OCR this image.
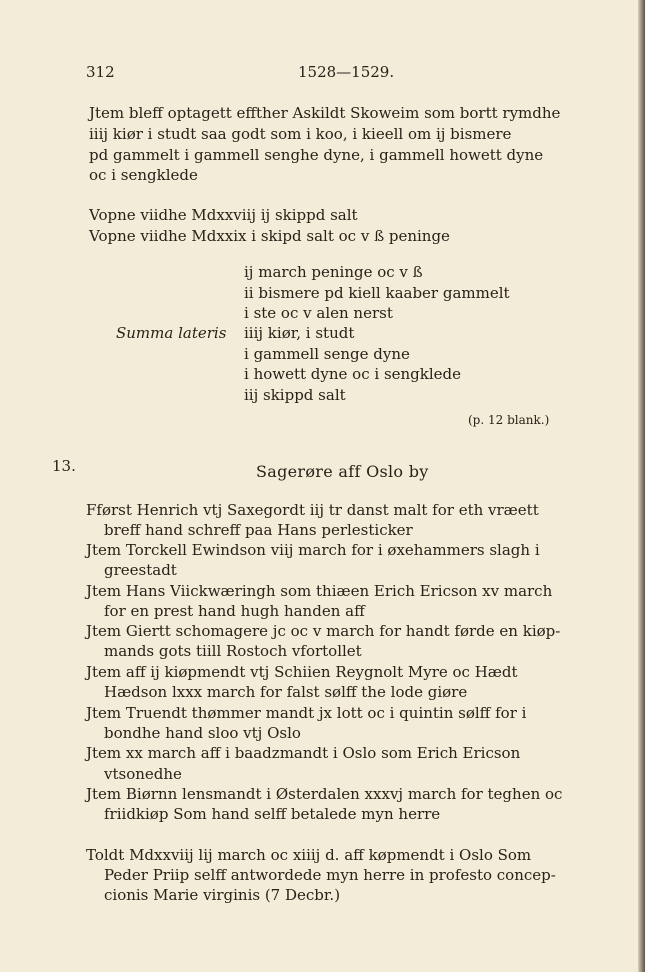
312	1528—1529.
Jtem bleff optagett effther Askildt Skoweim som bortt rymdhe
iiij kiør i studt saa godt som i koo, i kieell om ij bismere
pd gammelt i gammell senghe dyne, i gammell howett dyne
oc i sengklede
Vopne viidhe Mdxxviij ij skippd salt
Vopne viidhe Mdxxix i skipd salt oc v ß peninge
Summa lateris
ij march peninge oc v ß
ii bismere pd kiell kaaber gammelt
i ste oc v alen nerst
iiij kiør, i studt
i gammell senge dyne
i howett dyne oc i sengklede
iij skippd salt
(p. 12 blank.)
13.	Sagerøre aff Oslo by
Fførst Henrich vtj Saxegordt iij tr danst malt for eth vræett
breff hand schreff paa Hans perlesticker
Jtem Torckell Ewindson viij march for i øxehammers slagh i
greestadt
Jtem Hans Viickwæringh som thiæen Erich Ericson xv march
for en prest hand hugh handen aff
Jtem Giertt schomagere jc oc v march for handt førde en kiøp-
mands gots tiill Rostoch vfortollet
Jtem aff ij kiøpmendt vtj Schiien Reygnolt Myre oc Hædt
Hædson lxxx march for falst sølff the lode giøre
Jtem Truendt thømmer mandt jx lott oc i quintin sølff for i
bondhe hand sloo vtj Oslo
Jtem xx march aff i baadzmandt i Oslo som Erich Ericson
vtsonedhe
Jtem Biørnn lensmandt i Østerdalen xxxvj march for teghen oc
friidkiøp Som hand selff betalede myn herre
Toldt Mdxxviij lij march oc xiiij d. aff køpmendt i Oslo Som
Peder Priip selff antwordede myn herre in profesto concep-
cionis Marie virginis (7 Decbr.)
